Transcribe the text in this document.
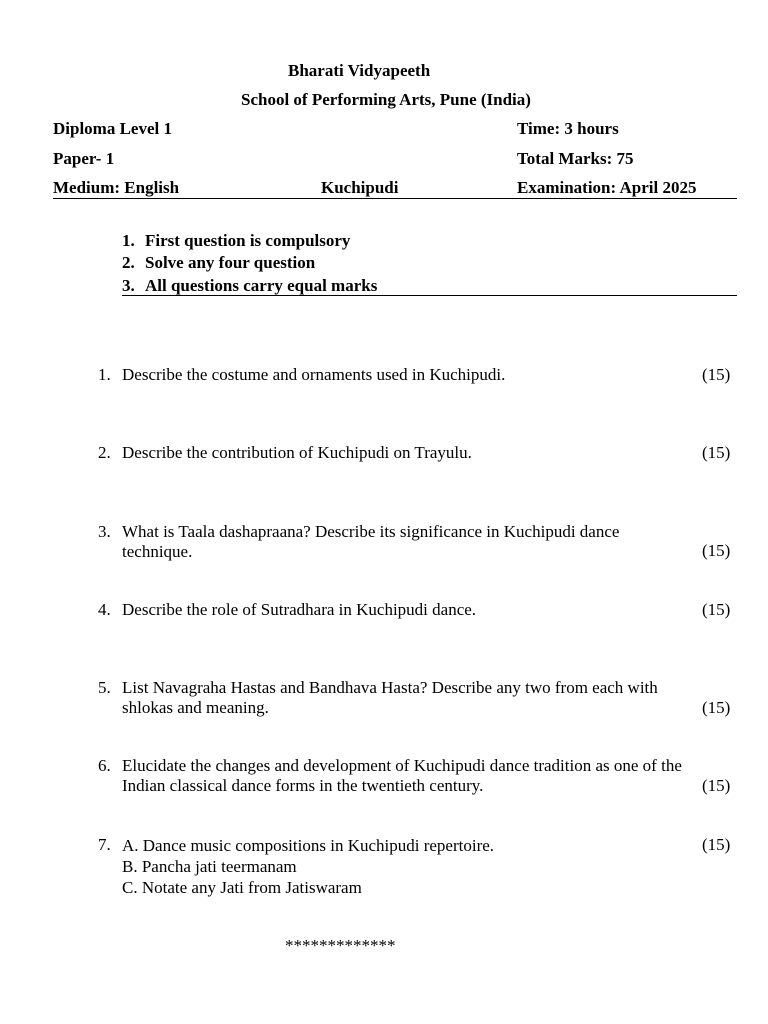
Bharati Vidyapeeth
School of Performing Arts, Pune (India)
Diploma Level 1	Time: 3 hours
Paper- 1	Total Marks: 75
Medium: English	Kuchipudi	Examination: April 2025
1. First question is compulsory
2. Solve any four question
3. All questions carry equal marks
1. Describe the costume and ornaments used in Kuchipudi.	(15)
2. Describe the contribution of Kuchipudi on Trayulu.	(15)
3. What is Taala dashapraana? Describe its significance in Kuchipudi dance
technique.	(15)
4. Describe the role of Sutradhara in Kuchipudi dance.	(15)
5. List Navagraha Hastas and Bandhava Hasta? Describe any two from each with
shlokas and meaning.	(15)
6. Elucidate the changes and development of Kuchipudi dance tradition as one of the
Indian classical dance forms in the twentieth century.	(15)
7. A. Dance music compositions in Kuchipudi repertoire.
B. Pancha jati teermanam
C. Notate any Jati from Jatiswaram
(15)
*************
